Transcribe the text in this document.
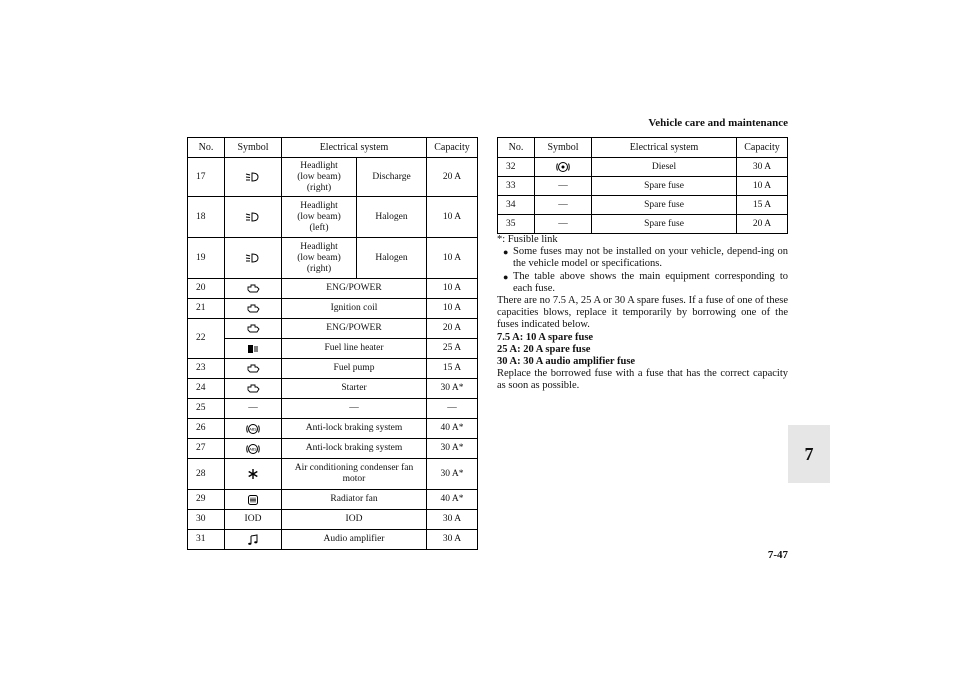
Vehicle care and maintenance
No.	Symbol	Electrical system		Capacity
17		Headlight
(low beam)
(right)	Discharge	20 A
18		Headlight
(low beam)
(left)	Halogen	10 A
19		Headlight
(low beam)
(right)	Halogen	10 A
20		ENG/POWER		10 A
21		Ignition coil		10 A
22		ENG/POWER		20 A

	Fuel line heater		25 A
23		Fuel pump		15 A
24		Starter		30 A*
25	—	—		—
26	ABS	Anti-lock braking system		40 A*
27	ABS	Anti-lock braking system		30 A*
28		Air conditioning condenser fan
motor		30 A*
29		Radiator fan		40 A*
30	IOD	IOD		30 A
31		Audio amplifier		30 A
No.	Symbol	Electrical system	Capacity
32		Diesel	30 A
33	—	Spare fuse	10 A
34	—	Spare fuse	15 A
35	—	Spare fuse	20 A

*: Fusible link

● Some fuses may not be installed on your vehicle, depend-ing on the vehicle model or specifications.
● The table above shows the main equipment corresponding to each fuse.

There are no 7.5 A, 25 A or 30 A spare fuses. If a fuse of one of these capacities blows, replace it temporarily by borrowing one of the fuses indicated below.

7.5 A: 10 A spare fuse

25 A: 20 A spare fuse

30 A: 30 A audio amplifier fuse

Replace the borrowed fuse with a fuse that has the correct capacity as soon as possible.

7
7-47
